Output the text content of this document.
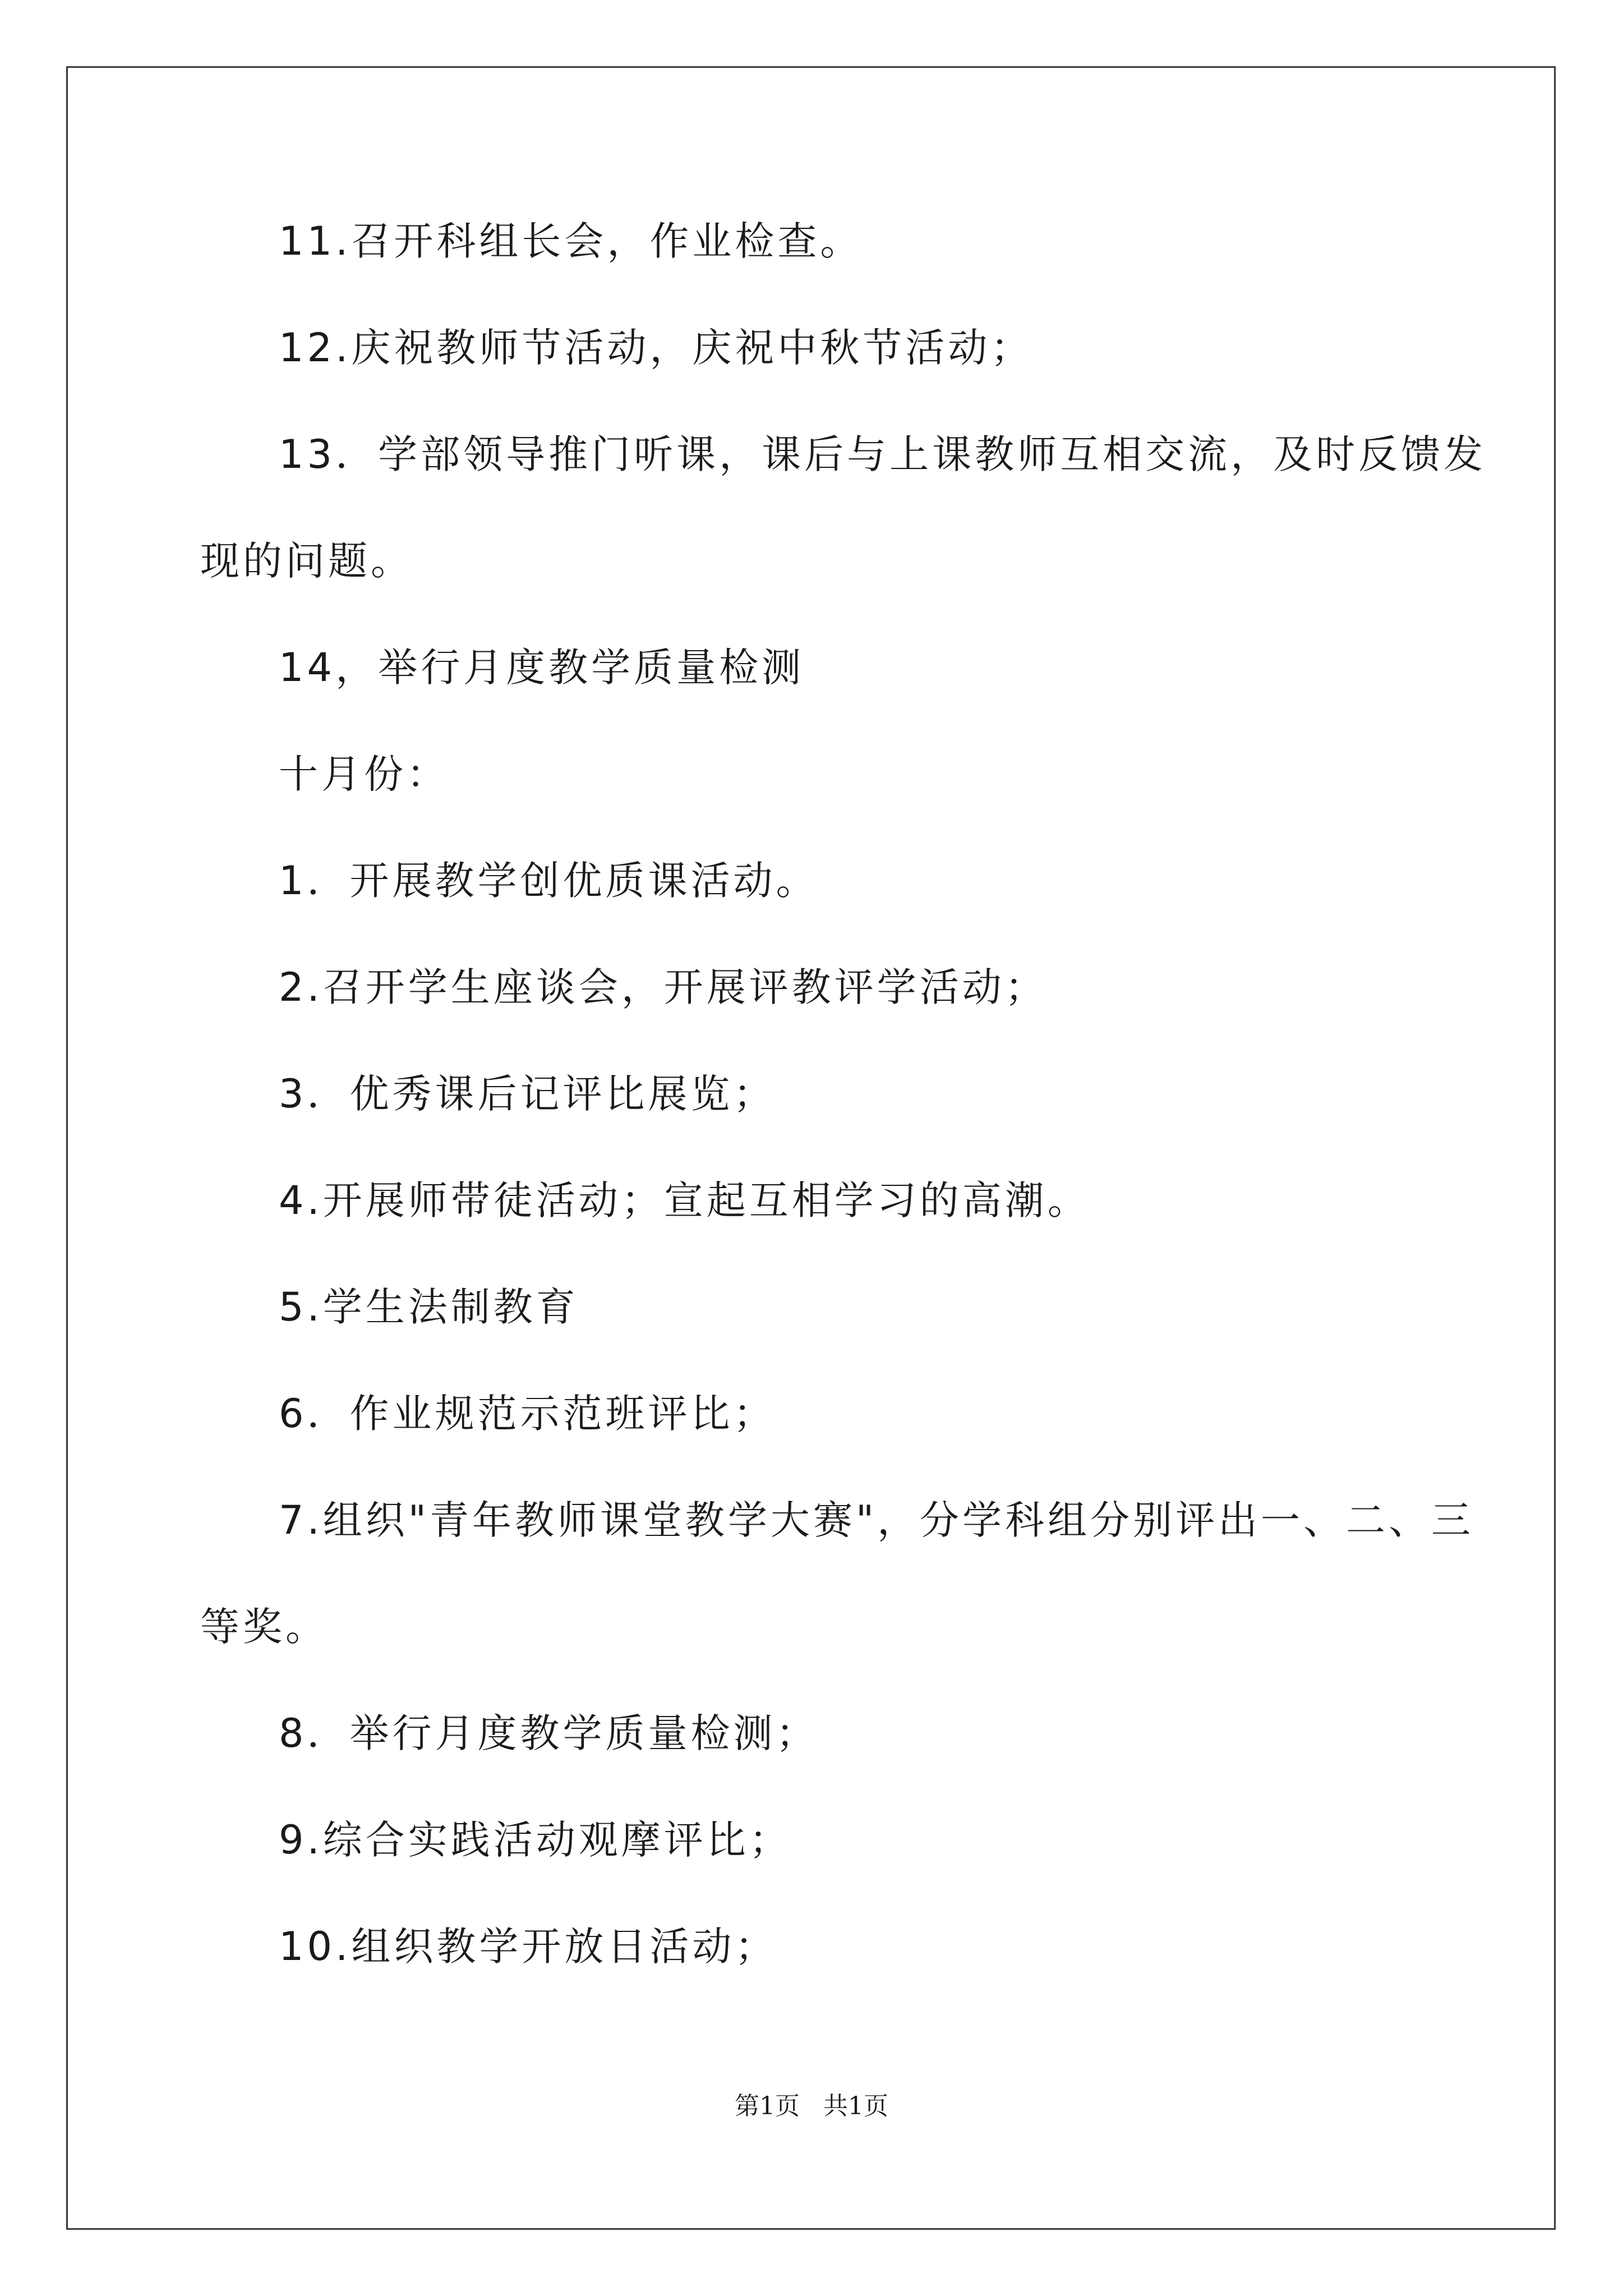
11.召开科组长会，作业检查。

12.庆祝教师节活动，庆祝中秋节活动；

13．学部领导推门听课，课后与上课教师互相交流，及时反馈发
现的问题。

14，举行月度教学质量检测

十月份：

1．开展教学创优质课活动。

2.召开学生座谈会，开展评教评学活动；

3．优秀课后记评比展览；

4.开展师带徒活动；宣起互相学习的高潮。

5.学生法制教育

6．作业规范示范班评比；

7.组织"青年教师课堂教学大赛"，分学科组分别评出一、二、三
等奖。

8．举行月度教学质量检测；

9.综合实践活动观摩评比；

10.组织教学开放日活动；

第1页 共1页
